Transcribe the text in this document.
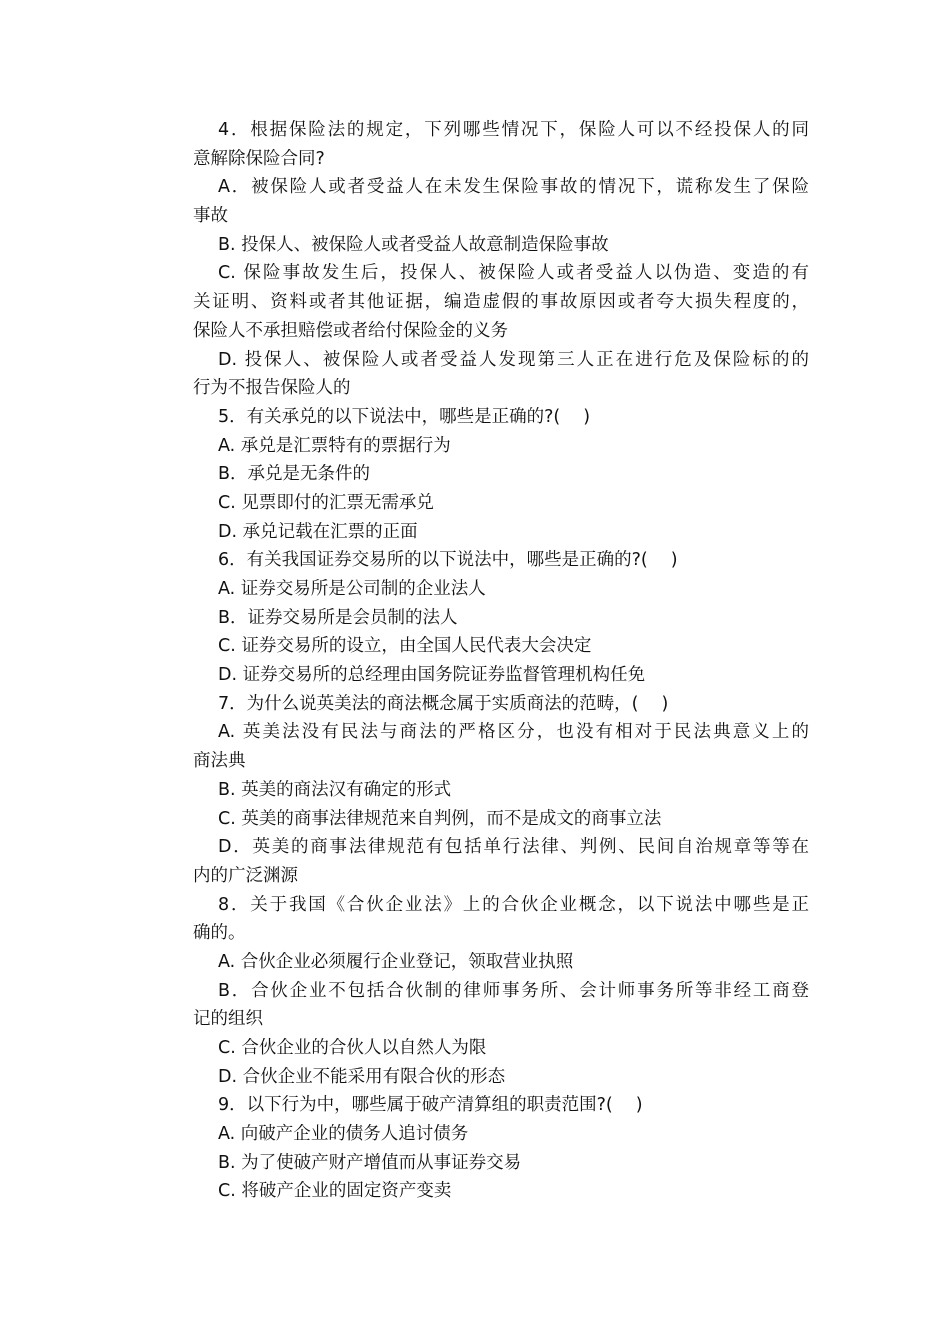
4．根据保险法的规定，下列哪些情况下，保险人可以不经投保人的同
意解除保险合同?
A．被保险人或者受益人在未发生保险事故的情况下，谎称发生了保险
事故
B. 投保人、被保险人或者受益人故意制造保险事故
C. 保险事故发生后，投保人、被保险人或者受益人以伪造、变造的有
关证明、资料或者其他证据，编造虚假的事故原因或者夸大损失程度的，
保险人不承担赔偿或者给付保险金的义务
D. 投保人、被保险人或者受益人发现第三人正在进行危及保险标的的
行为不报告保险人的
5．有关承兑的以下说法中，哪些是正确的?(　 )
A. 承兑是汇票特有的票据行为
B．承兑是无条件的
C. 见票即付的汇票无需承兑
D. 承兑记载在汇票的正面
6．有关我国证券交易所的以下说法中，哪些是正确的?(　 )
A. 证券交易所是公司制的企业法人
B．证券交易所是会员制的法人
C. 证券交易所的设立，由全国人民代表大会决定
D. 证券交易所的总经理由国务院证券监督管理机构任免
7．为什么说英美法的商法概念属于实质商法的范畴，(　 )
A. 英美法没有民法与商法的严格区分，也没有相对于民法典意义上的
商法典
B. 英美的商法汉有确定的形式
C. 英美的商事法律规范来自判例，而不是成文的商事立法
D．英美的商事法律规范有包括单行法律、判例、民间自治规章等等在
内的广泛渊源
8．关于我国《合伙企业法》上的合伙企业概念，以下说法中哪些是正
确的。
A. 合伙企业必须履行企业登记，领取营业执照
B．合伙企业不包括合伙制的律师事务所、会计师事务所等非经工商登
记的组织
C. 合伙企业的合伙人以自然人为限
D. 合伙企业不能采用有限合伙的形态
9．以下行为中，哪些属于破产清算组的职责范围?(　 )
A. 向破产企业的债务人追讨债务
B. 为了使破产财产增值而从事证券交易
C. 将破产企业的固定资产变卖
